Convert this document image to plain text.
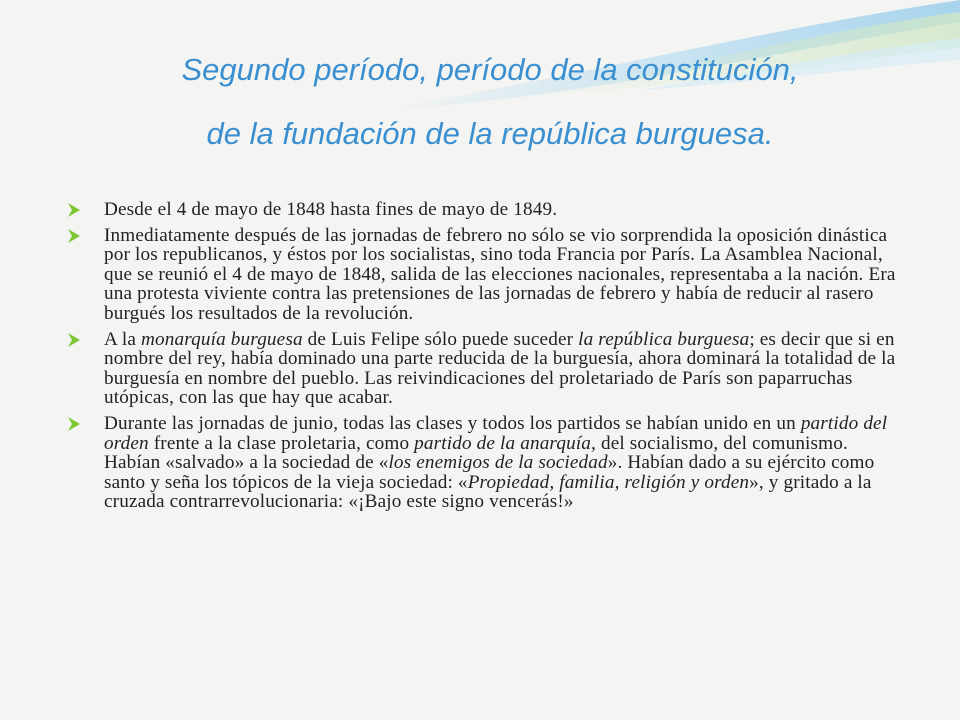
Segundo período, período de la constitución,
de la fundación de la república burguesa.
Desde el 4 de mayo de 1848 hasta fines de mayo de 1849.
Inmediatamente después de las jornadas de febrero no sólo se vio sorprendida la oposición dinástica por los republicanos, y éstos por los socialistas, sino toda Francia por París. La Asamblea Nacional, que se reunió el 4 de mayo de 1848, salida de las elecciones nacionales, representaba a la nación. Era una protesta viviente contra las pretensiones de las jornadas de febrero y había de reducir al rasero burgués los resultados de la revolución.
A la monarquía burguesa de Luis Felipe sólo puede suceder la república burguesa; es decir que si en nombre del rey, había dominado una parte reducida de la burguesía, ahora dominará la totalidad de la burguesía en nombre del pueblo. Las reivindicaciones del proletariado de París son paparruchas utópicas, con las que hay que acabar.
Durante las jornadas de junio, todas las clases y todos los partidos se habían unido en un partido del orden frente a la clase proletaria, como partido de la anarquía, del socialismo, del comunismo. Habían «salvado» a la sociedad de «los enemigos de la sociedad». Habían dado a su ejército como santo y seña los tópicos de la vieja sociedad: «Propiedad, familia, religión y orden», y gritado a la cruzada contrarrevolucionaria: «¡Bajo este signo vencerás!»
